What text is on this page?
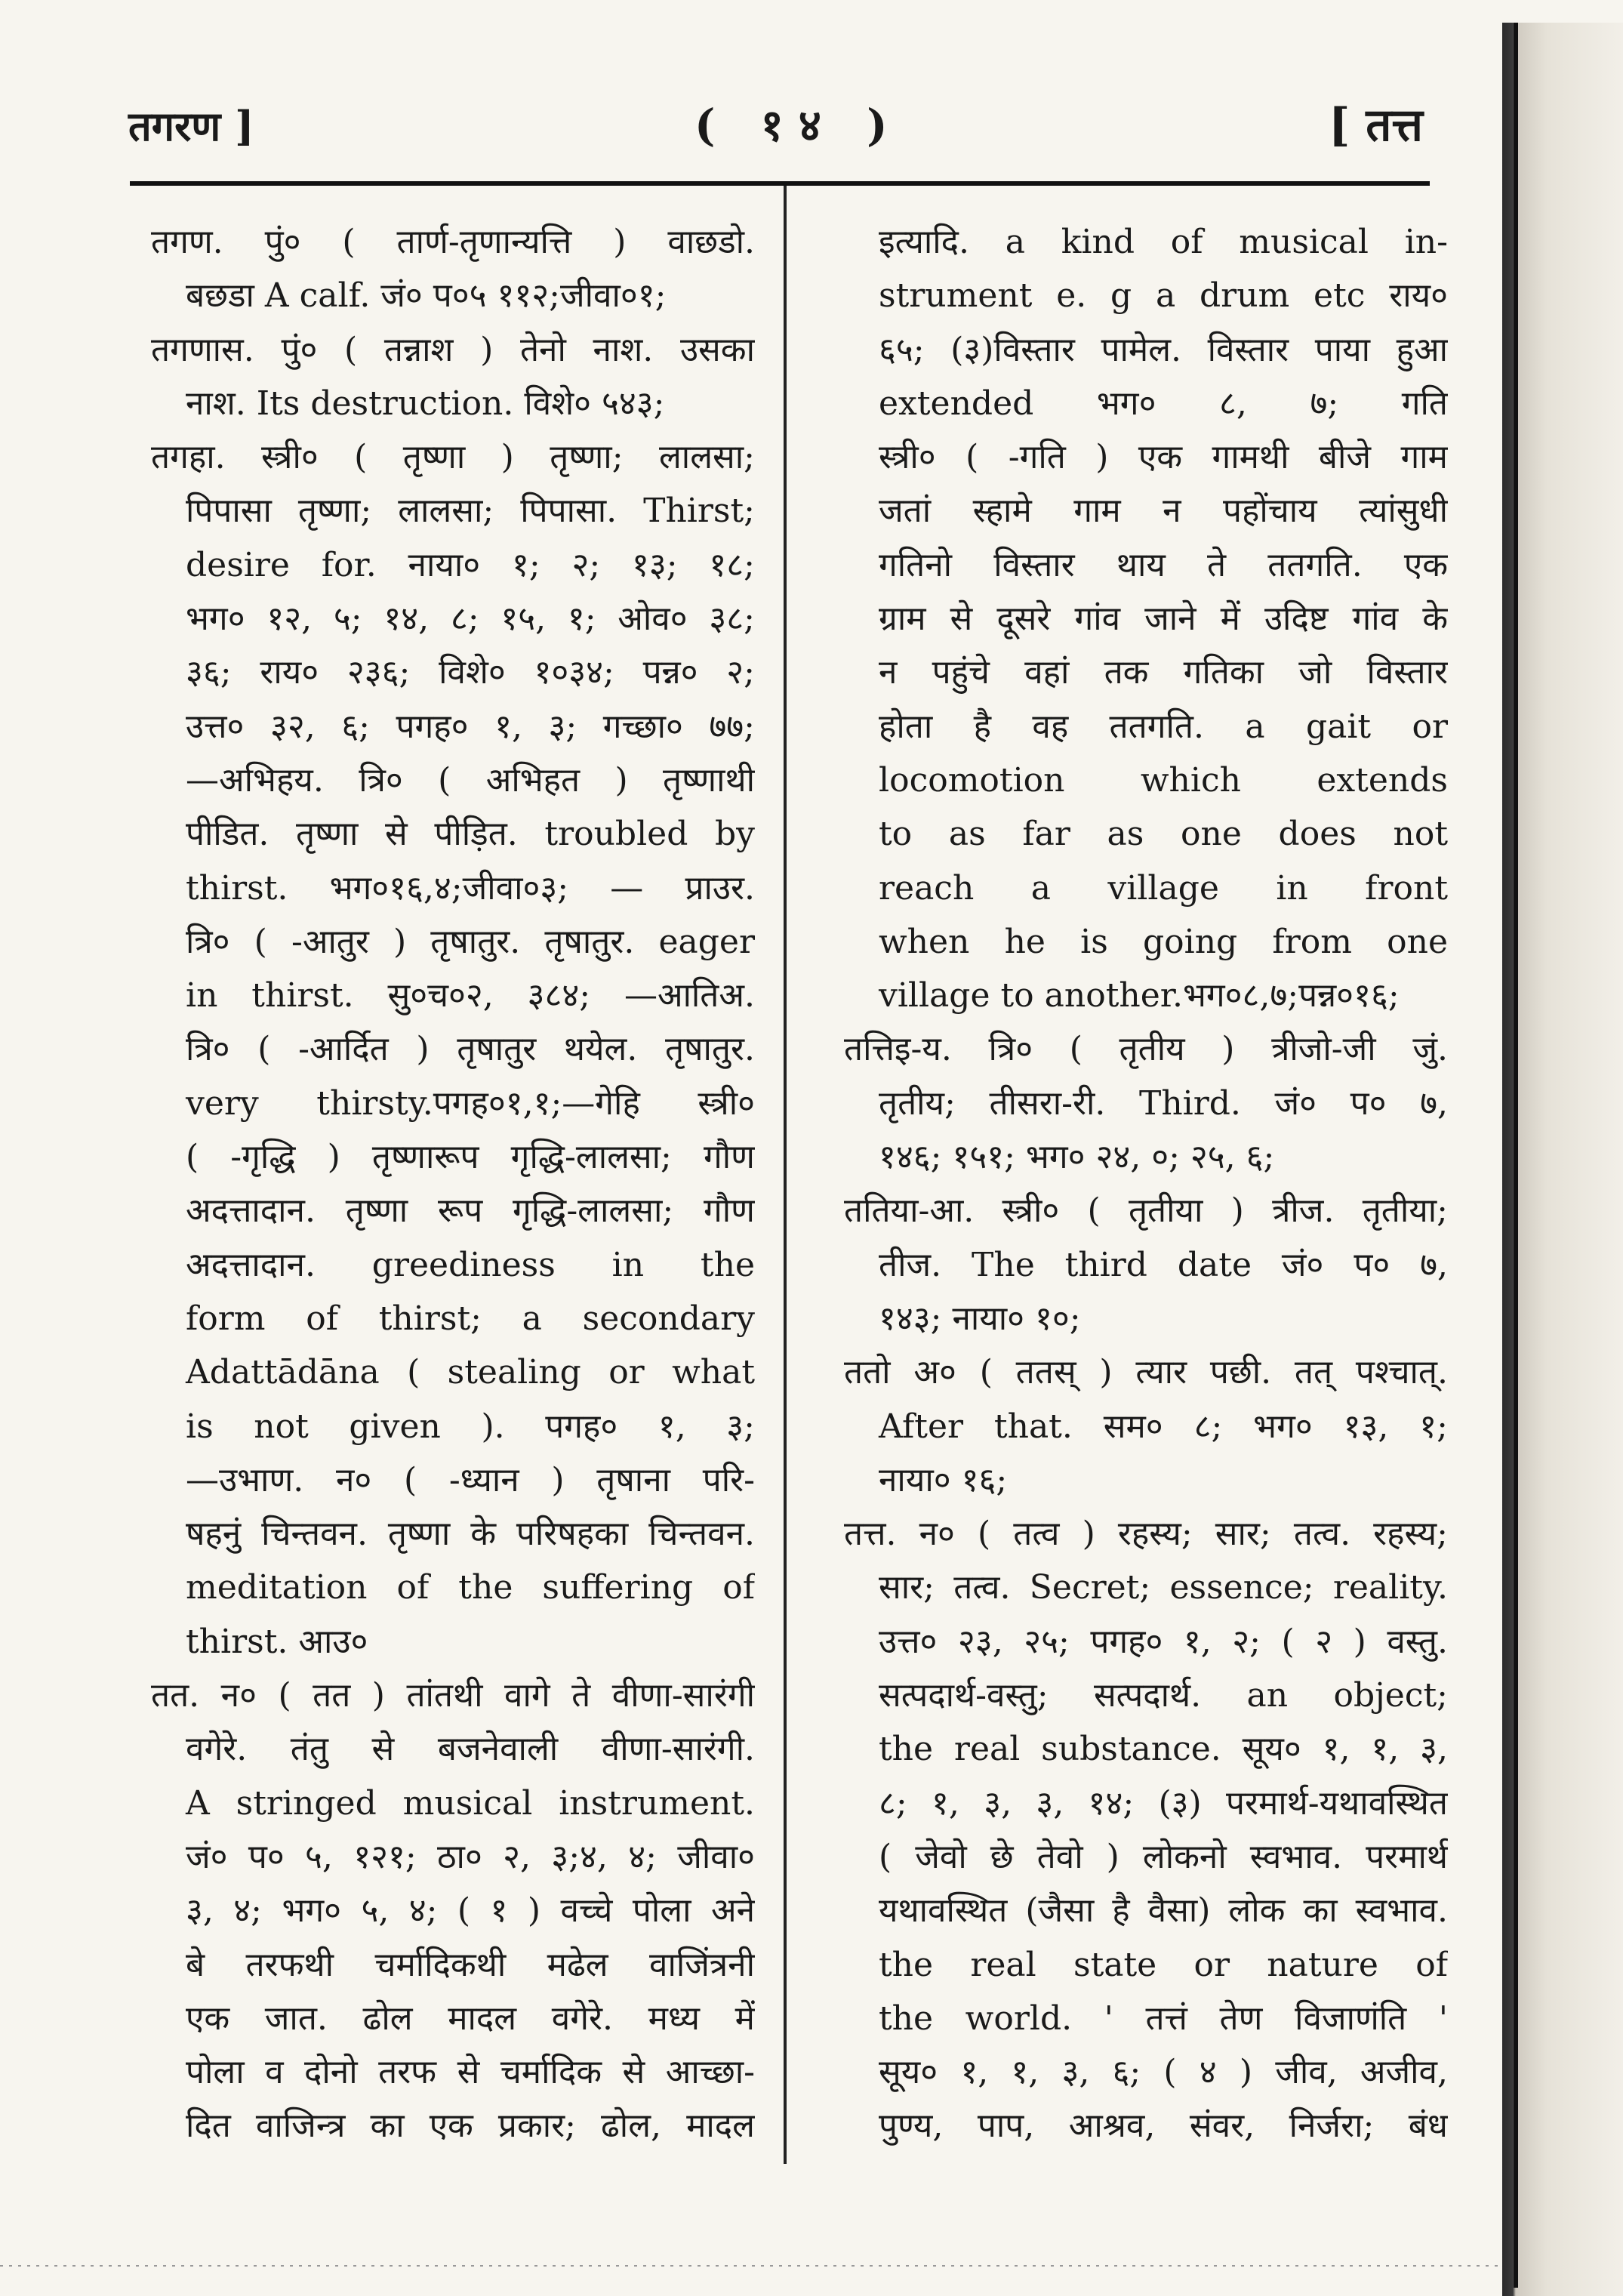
तगरण ]	( १४ )	[ तत्त
तगण. पुं० ( तार्ण-तृणान्यत्ति ) वाछडो.
बछडा A calf. जं० प०५ ११२;जीवा०१;
तगणास. पुं० ( तन्नाश ) तेनो नाश. उसका
नाश. Its destruction. विशे० ५४३;
तगहा. स्त्री० ( तृष्णा ) तृष्णा; लालसा;
पिपासा तृष्णा; लालसा; पिपासा. Thirst;
desire for. नाया० १; २; १३; १८;
भग० १२, ५; १४, ८; १५, १; ओव० ३८;
३६; राय० २३६; विशे० १०३४; पन्न० २;
उत्त० ३२, ६; पगह० १, ३; गच्छा० ७७;
—अभिहय. त्रि० ( अभिहत ) तृष्णाथी
पीडित. तृष्णा से पीड़ित. troubled by
thirst. भग०१६,४;जीवा०३; — प्राउर.
त्रि० ( -आतुर ) तृषातुर. तृषातुर. eager
in thirst. सु०च०२, ३८४; —आतिअ.
त्रि० ( -आर्दित ) तृषातुर थयेल. तृषातुर.
very thirsty.पगह०१,१;—गेहि स्त्री०
( -गृद्धि ) तृष्णारूप गृद्धि-लालसा; गौण
अदत्तादान. तृष्णा रूप गृद्धि-लालसा; गौण
अदत्तादान. greediness in the
form of thirst; a secondary
Adattādāna ( stealing or what
is not given ). पगह० १, ३;
—उभाण. न० ( -ध्यान ) तृषाना परि-
षहनुं चिन्तवन. तृष्णा के परिषहका चिन्तवन.
meditation of the suffering of
thirst. आउ०
तत. न० ( तत ) तांतथी वागे ते वीणा-सारंगी
वगेरे. तंतु से बजनेवाली वीणा-सारंगी.
A stringed musical instrument.
जं० प० ५, १२१; ठा० २, ३;४, ४; जीवा०
३, ४; भग० ५, ४; ( १ ) वच्चे पोला अने
बे तरफथी चर्मादिकथी मढेल वाजिंत्रनी
एक जात. ढोल मादल वगेरे. मध्य में
पोला व दोनो तरफ से चर्मादिक से आच्छा-
दित वाजिन्त्र का एक प्रकार; ढोल, मादल
इत्यादि. a kind of musical in-
strument e. g a drum etc राय०
६५; (३)विस्तार पामेल. विस्तार पाया हुआ
extended भग० ८, ७; गति
स्त्री० ( -गति ) एक गामथी बीजे गाम
जतां स्हामे गाम न पहोंचाय त्यांसुधी
गतिनो विस्तार थाय ते ततगति. एक
ग्राम से दूसरे गांव जाने में उदिष्ट गांव के
न पहुंचे वहां तक गतिका जो विस्तार
होता है वह ततगति. a gait or
locomotion which extends
to as far as one does not
reach a village in front
when he is going from one
village to another.भग०८,७;पन्न०१६;
तत्तिइ-य. त्रि० ( तृतीय ) त्रीजो-जी जुं.
तृतीय; तीसरा-री. Third. जं० प० ७,
१४६; १५१; भग० २४, ०; २५, ६;
ततिया-आ. स्त्री० ( तृतीया ) त्रीज. तृतीया;
तीज. The third date जं० प० ७,
१४३; नाया० १०;
ततो अ० ( ततस् ) त्यार पछी. तत् पश्चात्.
After that. सम० ८; भग० १३, १;
नाया० १६;
तत्त. न० ( तत्व ) रहस्य; सार; तत्व. रहस्य;
सार; तत्व. Secret; essence; reality.
उत्त० २३, २५; पगह० १, २; ( २ ) वस्तु.
सत्पदार्थ-वस्तु; सत्पदार्थ. an object;
the real substance. सूय० १, १, ३,
८; १, ३, ३, १४; (३) परमार्थ-यथावस्थित
( जेवो छे तेवो ) लोकनो स्वभाव. परमार्थ
यथावस्थित (जैसा है वैसा) लोक का स्वभाव.
the real state or nature of
the world. ' तत्तं तेण विजाणंति '
सूय० १, १, ३, ६; ( ४ ) जीव, अजीव,
पुण्य, पाप, आश्रव, संवर, निर्जरा; बंध
